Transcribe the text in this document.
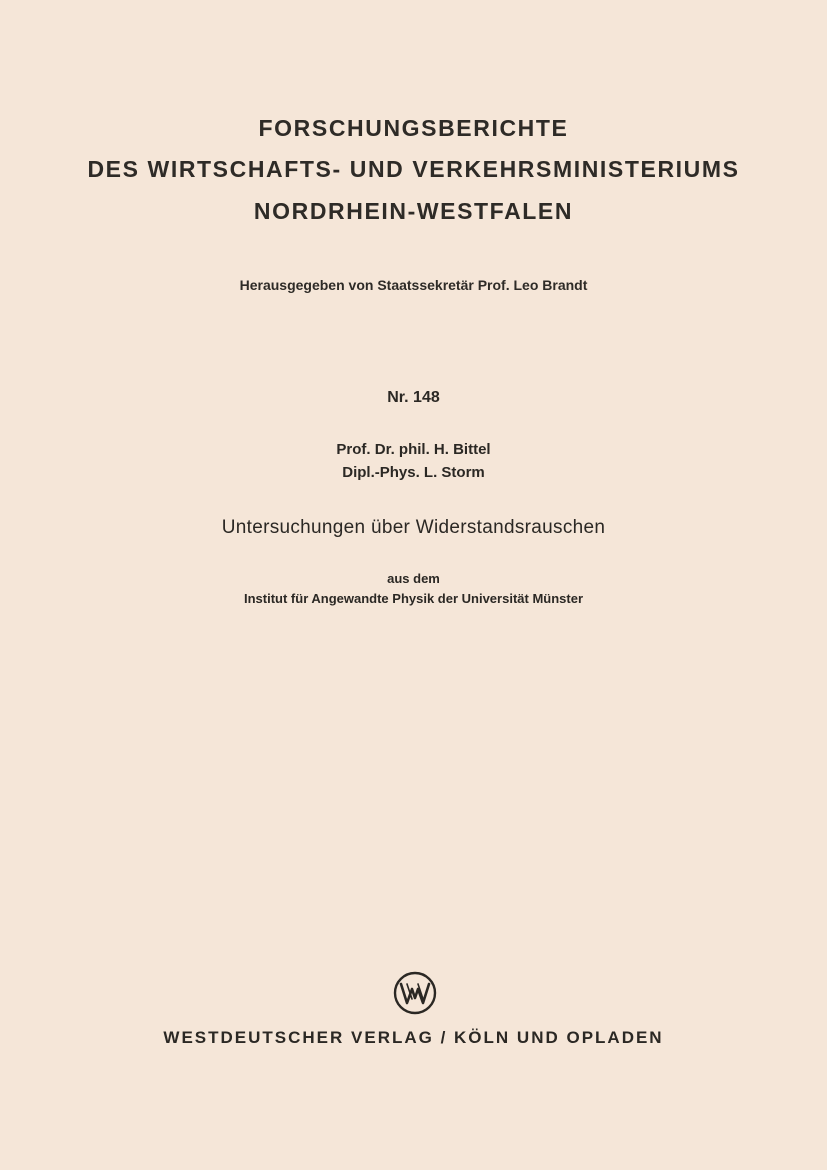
FORSCHUNGSBERICHTE
DES WIRTSCHAFTS- UND VERKEHRSMINISTERIUMS
NORDRHEIN-WESTFALEN
Herausgegeben von Staatssekretär Prof. Leo Brandt
Nr. 148
Prof. Dr. phil. H. Bittel
Dipl.-Phys. L. Storm
Untersuchungen über Widerstandsrauschen
aus dem
Institut für Angewandte Physik der Universität Münster
WESTDEUTSCHER VERLAG / KÖLN UND OPLADEN
